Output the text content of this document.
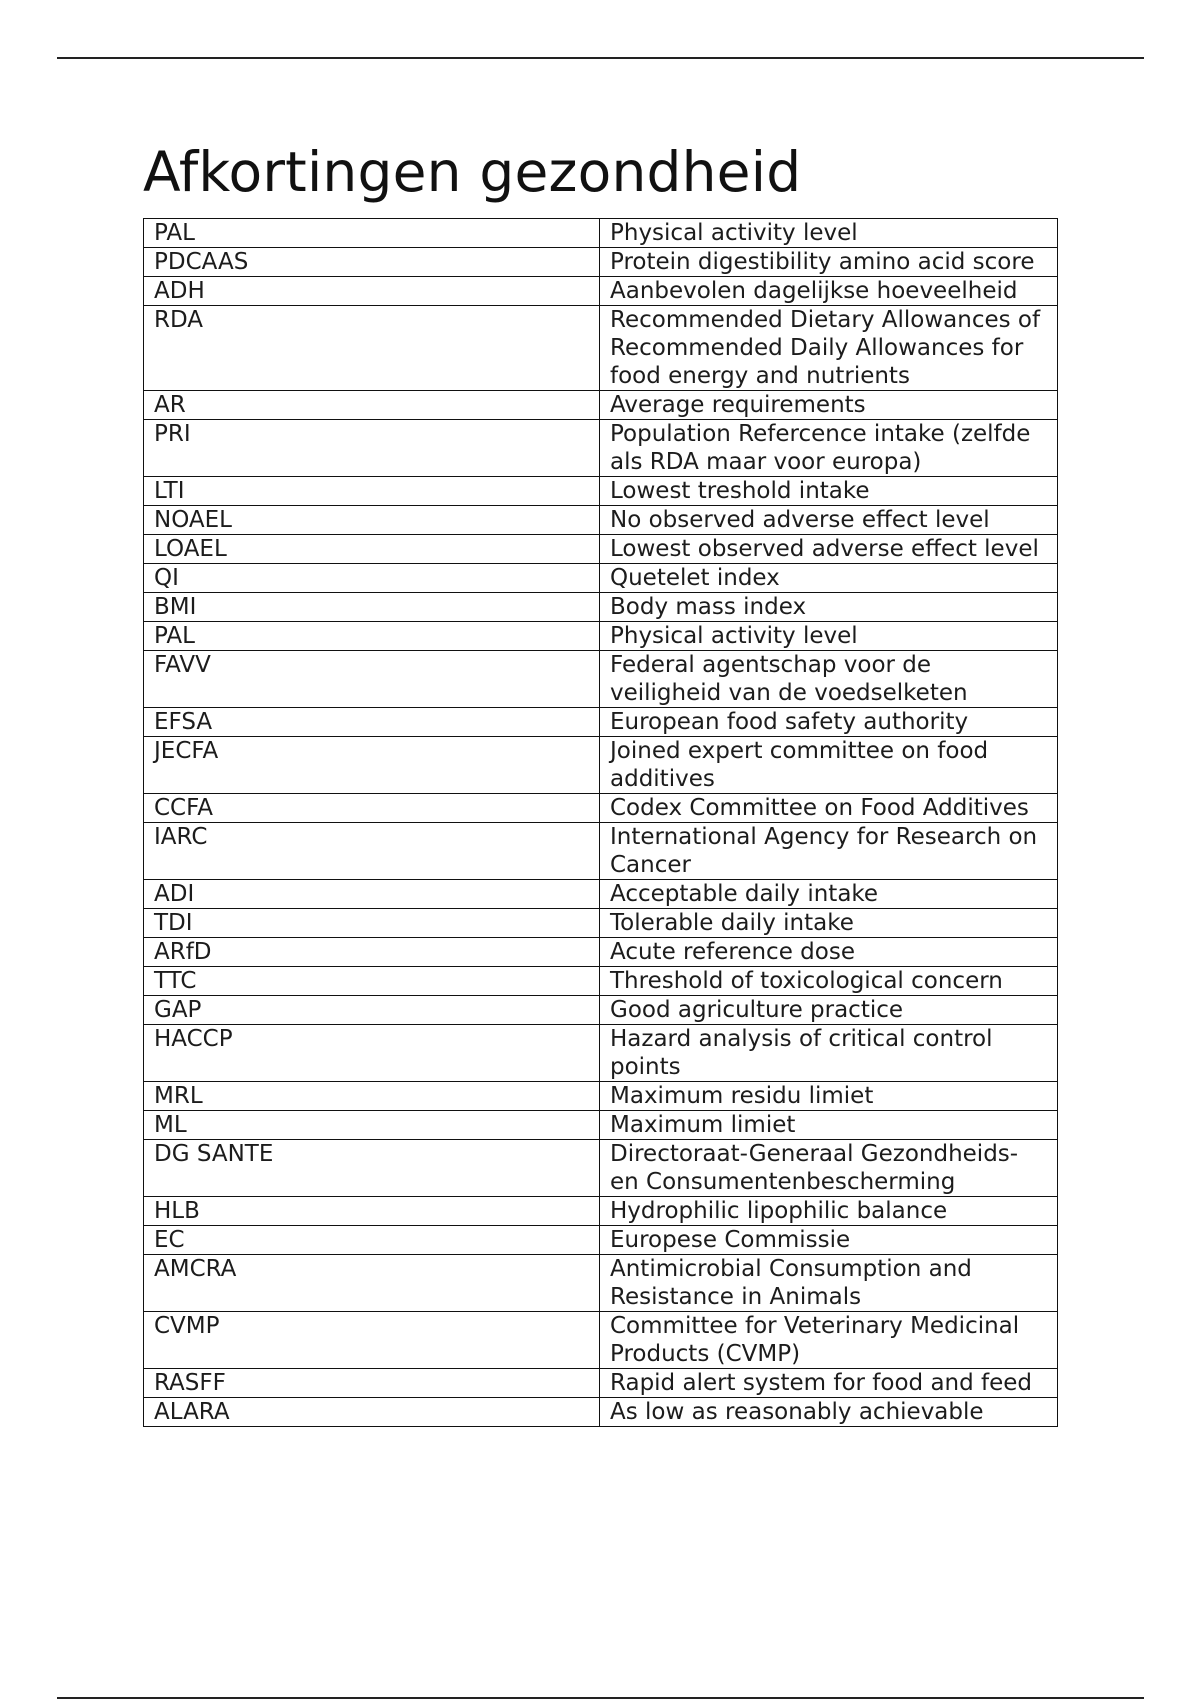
Afkortingen gezondheid
PAL	Physical activity level
PDCAAS	Protein digestibility amino acid score
ADH	Aanbevolen dagelijkse hoeveelheid
RDA	Recommended Dietary Allowances of Recommended Daily Allowances for food energy and nutrients
AR	Average requirements
PRI	Population Refercence intake (zelfde als RDA maar voor europa)
LTI	Lowest treshold intake
NOAEL	No observed adverse effect level
LOAEL	Lowest observed adverse effect level
QI	Quetelet index
BMI	Body mass index
PAL	Physical activity level
FAVV	Federal agentschap voor de veiligheid van de voedselketen
EFSA	European food safety authority
JECFA	Joined expert committee on food additives
CCFA	Codex Committee on Food Additives
IARC	International Agency for Research on Cancer
ADI	Acceptable daily intake
TDI	Tolerable daily intake
ARfD	Acute reference dose
TTC	Threshold of toxicological concern
GAP	Good agriculture practice
HACCP	Hazard analysis of critical control points
MRL	Maximum residu limiet
ML	Maximum limiet
DG SANTE	Directoraat-Generaal Gezondheids- en Consumentenbescherming
HLB	Hydrophilic lipophilic balance
EC	Europese Commissie
AMCRA	Antimicrobial Consumption and Resistance in Animals
CVMP	Committee for Veterinary Medicinal Products (CVMP)
RASFF	Rapid alert system for food and feed
ALARA	As low as reasonably achievable
